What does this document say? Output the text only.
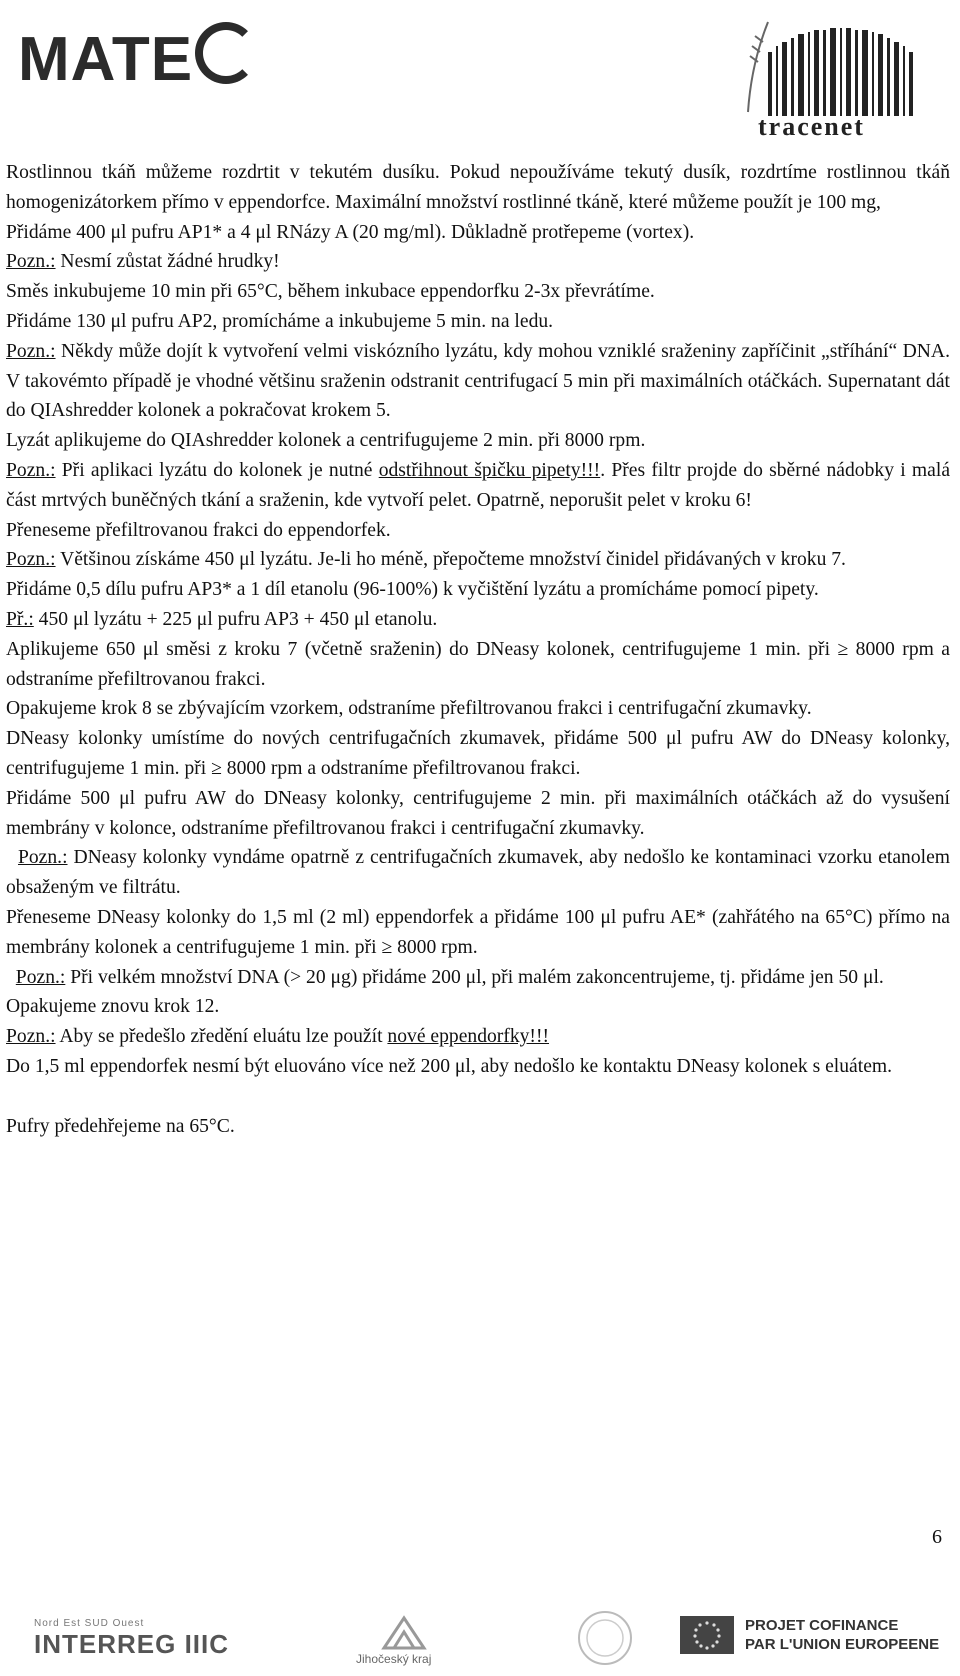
MATE
tracenet

Rostlinnou tkáň můžeme rozdrtit v tekutém dusíku. Pokud nepoužíváme tekutý dusík, rozdrtíme rostlinnou tkáň homogenizátorkem přímo v eppendorfce. Maximální množství rostlinné tkáně, které můžeme použít je 100 mg,

Přidáme 400 μl pufru AP1* a 4 μl RNázy A (20 mg/ml). Důkladně protřepeme (vortex).

Pozn.: Nesmí zůstat žádné hrudky!

Směs inkubujeme 10 min při 65°C, během inkubace eppendorfku 2-3x převrátíme.

Přidáme 130 μl pufru AP2, promícháme a inkubujeme 5 min. na ledu.

Pozn.: Někdy může dojít k vytvoření velmi viskózního lyzátu, kdy mohou vzniklé sraženiny zapříčinit „stříhání“ DNA. V takovémto případě je vhodné většinu sraženin odstranit centrifugací 5 min při maximálních otáčkách. Supernatant dát do QIAshredder kolonek a pokračovat krokem 5.

Lyzát aplikujeme do QIAshredder kolonek a centrifugujeme 2 min. při 8000 rpm.

Pozn.: Při aplikaci lyzátu do kolonek je nutné odstřihnout špičku pipety!!!. Přes filtr projde do sběrné nádobky i malá část mrtvých buněčných tkání a sraženin, kde vytvoří pelet. Opatrně, neporušit pelet v kroku 6!

Přeneseme přefiltrovanou frakci do eppendorfek.

Pozn.: Většinou získáme 450 μl lyzátu. Je-li ho méně, přepočteme množství činidel přidávaných v kroku 7.

Přidáme 0,5 dílu pufru AP3* a 1 díl etanolu (96-100%) k vyčištění lyzátu a promícháme pomocí pipety.

Př.: 450 μl lyzátu + 225 μl pufru AP3 + 450 μl etanolu.

Aplikujeme 650 μl směsi z kroku 7 (včetně sraženin) do DNeasy kolonek, centrifugujeme 1 min. při ≥ 8000 rpm a odstraníme přefiltrovanou frakci.

Opakujeme krok 8 se zbývajícím vzorkem, odstraníme přefiltrovanou frakci i centrifugační zkumavky.

DNeasy kolonky umístíme do nových centrifugačních zkumavek, přidáme 500 μl pufru AW do DNeasy kolonky, centrifugujeme 1 min. při ≥ 8000 rpm a odstraníme přefiltrovanou frakci.

Přidáme 500 μl pufru AW do DNeasy kolonky, centrifugujeme 2 min. při maximálních otáčkách až do vysušení membrány v kolonce, odstraníme přefiltrovanou frakci i centrifugační zkumavky.

Pozn.: DNeasy kolonky vyndáme opatrně z centrifugačních zkumavek, aby nedošlo ke kontaminaci vzorku etanolem obsaženým ve filtrátu.

Přeneseme DNeasy kolonky do 1,5 ml (2 ml) eppendorfek a přidáme 100 μl pufru AE* (zahřátého na 65°C) přímo na membrány kolonek a centrifugujeme 1 min. při ≥ 8000 rpm.

Pozn.: Při velkém množství DNA (> 20 μg) přidáme 200 μl, při malém zakoncentrujeme, tj. přidáme jen 50 μl.

Opakujeme znovu krok 12.

Pozn.: Aby se předešlo zředění eluátu lze použít nové eppendorfky!!!

Do 1,5 ml eppendorfek nesmí být eluováno více než 200 μl, aby nedošlo ke kontaktu DNeasy kolonek s eluátem.

Pufry předehřejeme na 65°C.

6
Nord Est SUD Ouest
INTERREG IIIC	Jihočeský kraj
PROJET COFINANCE
PAR L'UNION EUROPEENE
